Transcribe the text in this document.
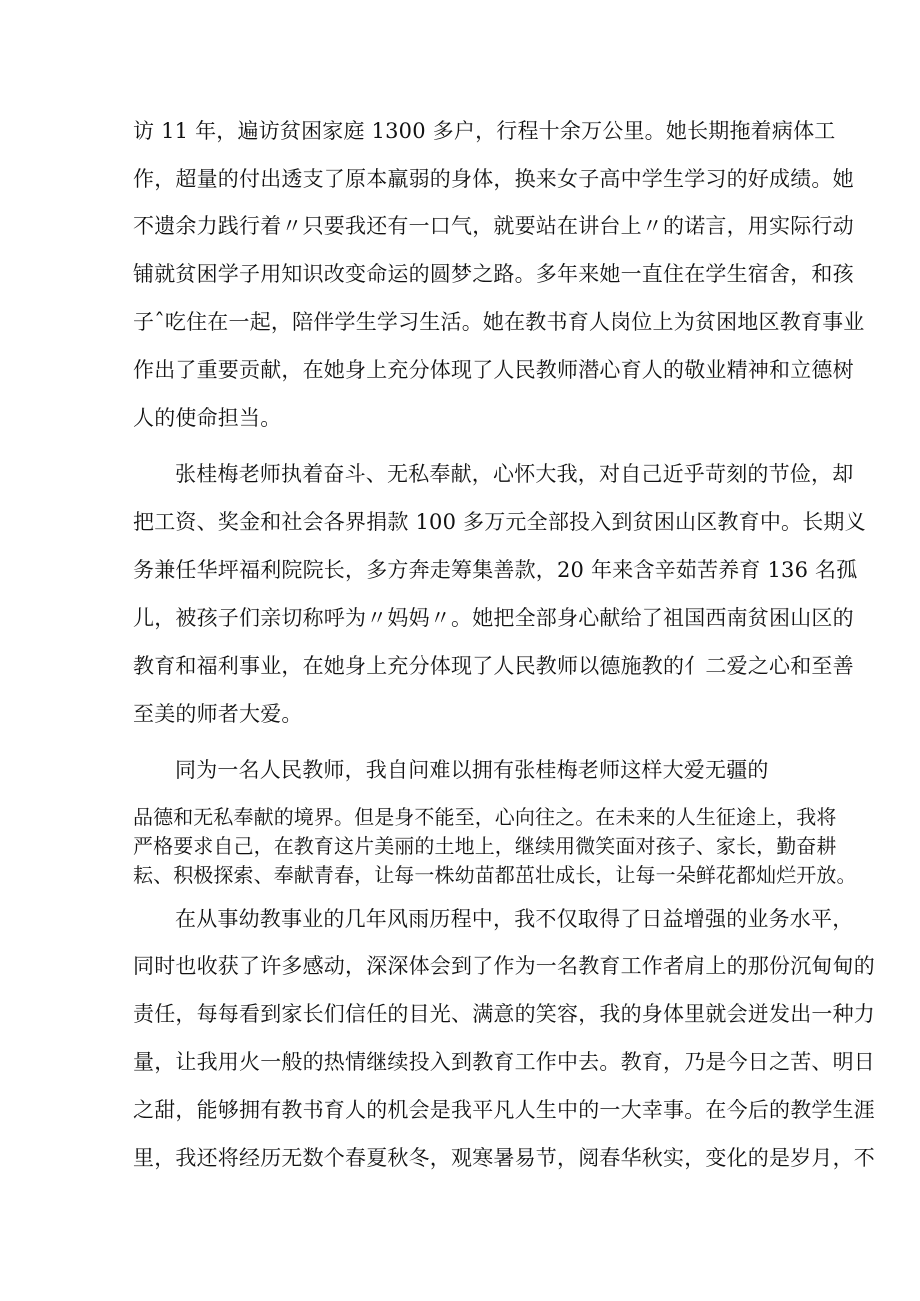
访 11 年，遍访贫困家庭 1300 多户，行程十余万公里。她长期拖着病体工
作，超量的付出透支了原本羸弱的身体，换来女子高中学生学习的好成绩。她
不遗余力践行着〃只要我还有一口气，就要站在讲台上〃的诺言，用实际行动
铺就贫困学子用知识改变命运的圆梦之路。多年来她一直住在学生宿舍，和孩
子ˆ吃住在一起，陪伴学生学习生活。她在教书育人岗位上为贫困地区教育事业
作出了重要贡献，在她身上充分体现了人民教师潜心育人的敬业精神和立德树
人的使命担当。
张桂梅老师执着奋斗、无私奉献，心怀大我，对自己近乎苛刻的节俭，却
把工资、奖金和社会各界捐款 100 多万元全部投入到贫困山区教育中。长期义
务兼任华坪福利院院长，多方奔走筹集善款，20 年来含辛茹苦养育 136 名孤
儿，被孩子们亲切称呼为〃妈妈〃。她把全部身心献给了祖国西南贫困山区的
教育和福利事业，在她身上充分体现了人民教师以德施教的亻二爱之心和至善
至美的师者大爱。
同为一名人民教师，我自问难以拥有张桂梅老师这样大爱无疆的
品德和无私奉献的境界。但是身不能至，心向往之。在未来的人生征途上，我将
严格要求自己，在教育这片美丽的土地上，继续用微笑面对孩子、家长，勤奋耕
耘、积极探索、奉献青春，让每一株幼苗都茁壮成长，让每一朵鲜花都灿烂开放。
在从事幼教事业的几年风雨历程中，我不仅取得了日益增强的业务水平，
同时也收获了许多感动，深深体会到了作为一名教育工作者肩上的那份沉甸甸的
责任，每每看到家长们信任的目光、满意的笑容，我的身体里就会迸发出一种力
量，让我用火一般的热情继续投入到教育工作中去。教育，乃是今日之苦、明日
之甜，能够拥有教书育人的机会是我平凡人生中的一大幸事。在今后的教学生涯
里，我还将经历无数个春夏秋冬，观寒暑易节，阅春华秋实，变化的是岁月，不
